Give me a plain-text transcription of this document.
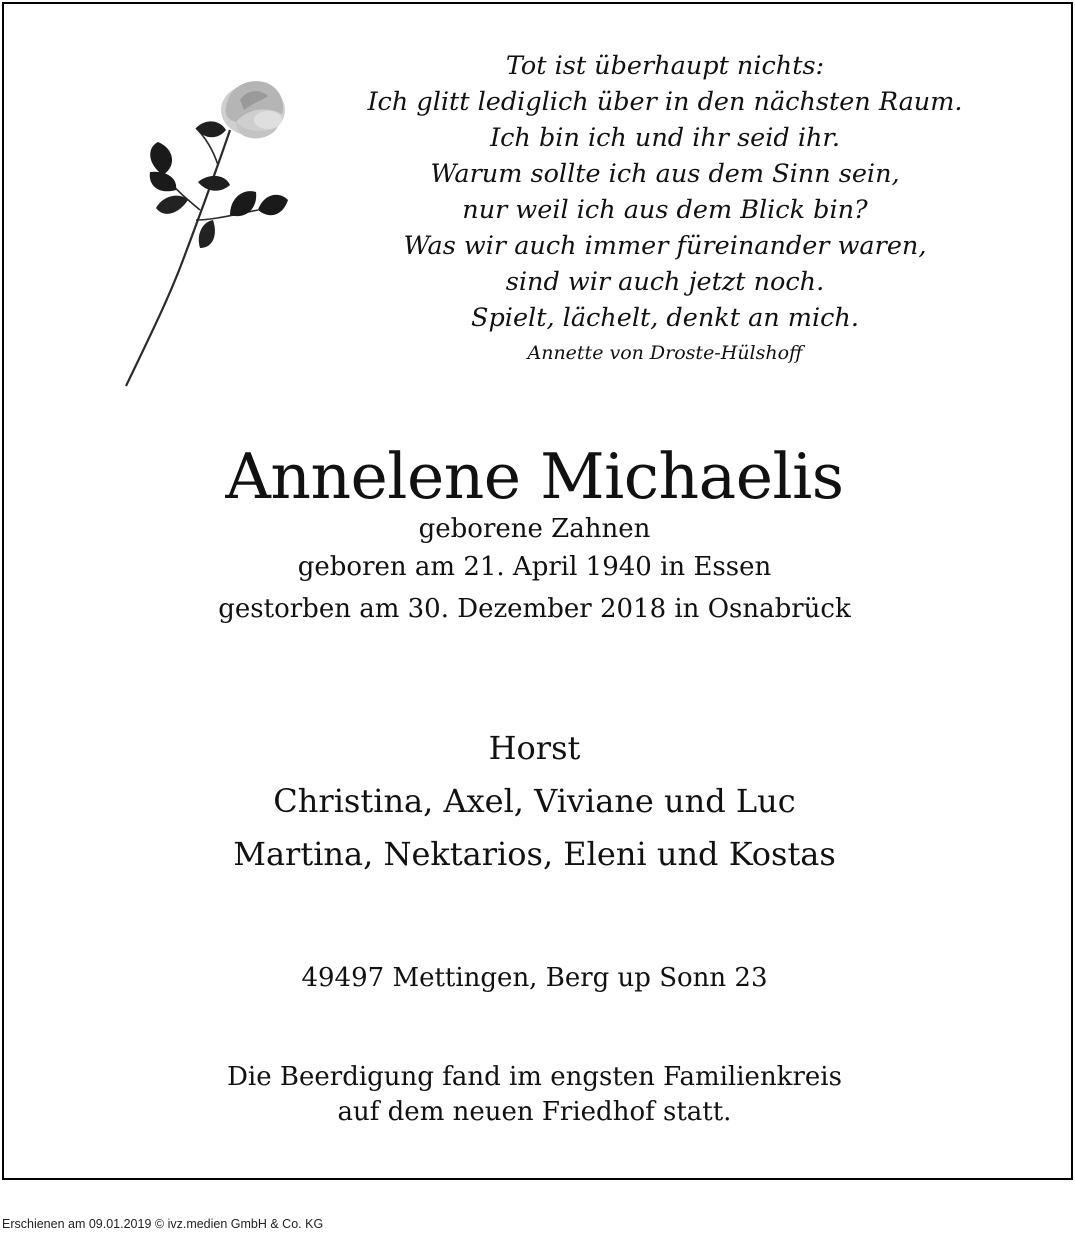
Tot ist überhaupt nichts:
Ich glitt lediglich über in den nächsten Raum.
Ich bin ich und ihr seid ihr.
Warum sollte ich aus dem Sinn sein,
nur weil ich aus dem Blick bin?
Was wir auch immer füreinander waren,
sind wir auch jetzt noch.
Spielt, lächelt, denkt an mich.
Annette von Droste-Hülshoff
Annelene Michaelis
geborene Zahnen
geboren am 21. April 1940 in Essen
gestorben am 30. Dezember 2018 in Osnabrück
Horst
Christina, Axel, Viviane und Luc
Martina, Nektarios, Eleni und Kostas
49497 Mettingen, Berg up Sonn 23
Die Beerdigung fand im engsten Familienkreis
auf dem neuen Friedhof statt.
Erschienen am 09.01.2019 © ivz.medien GmbH & Co. KG
